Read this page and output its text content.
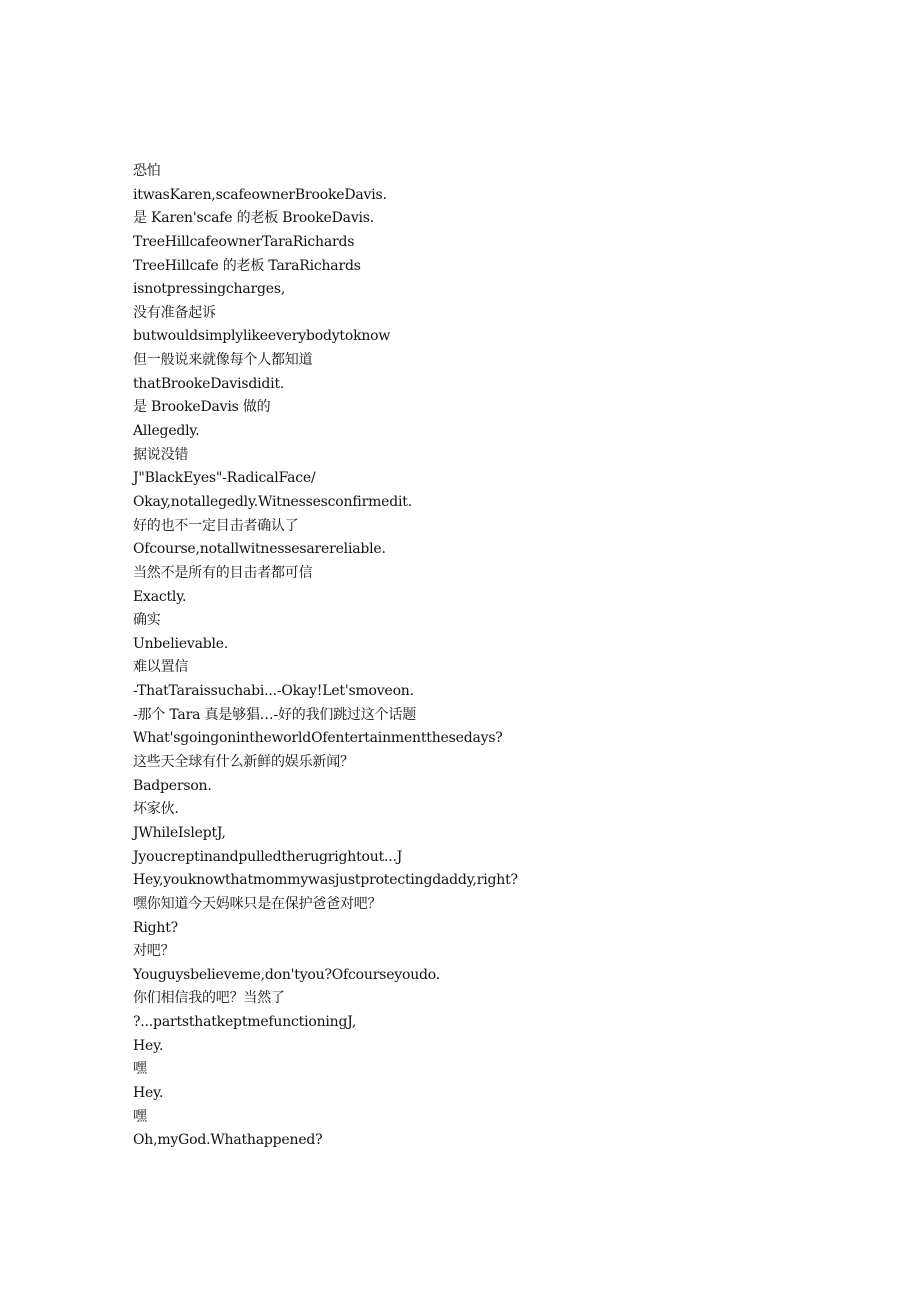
恐怕
itwasKaren,scafeownerBrookeDavis.
是 Karen'scafe 的老板 BrookeDavis.
TreeHillcafeownerTaraRichards
TreeHillcafe 的老板 TaraRichards
isnotpressingcharges,
没有准备起诉
butwouldsimplylikeeverybodytoknow
但一般说来就像每个人都知道
thatBrookeDavisdidit.
是 BrookeDavis 做的
Allegedly.
据说没错
J"BlackEyes"-RadicalFace/
Okay,notallegedly.Witnessesconfirmedit.
好的也不一定目击者确认了
Ofcourse,notallwitnessesarereliable.
当然不是所有的目击者都可信
Exactly.
确实
Unbelievable.
难以置信
-ThatTaraissuchabi...-Okay!Let'smoveon.
-那个 Tara 真是够猖…-好的我们跳过这个话题
What'sgoingonintheworldOfentertainmentthesedays?
这些天全球有什么新鲜的娱乐新闻？
Badperson.
坏家伙.
JWhileIsleptJ,
Jyoucreptinandpulledtherugrightout...J
Hey,youknowthatmommywasjustprotectingdaddy,right?
嘿你知道今天妈咪只是在保护爸爸对吧？
Right?
对吧？
Youguysbelieveme,don'tyou?Ofcourseyoudo.
你们相信我的吧？当然了
?...partsthatkeptmefunctioningJ,
Hey.
嘿
Hey.
嘿
Oh,myGod.Whathappened?
